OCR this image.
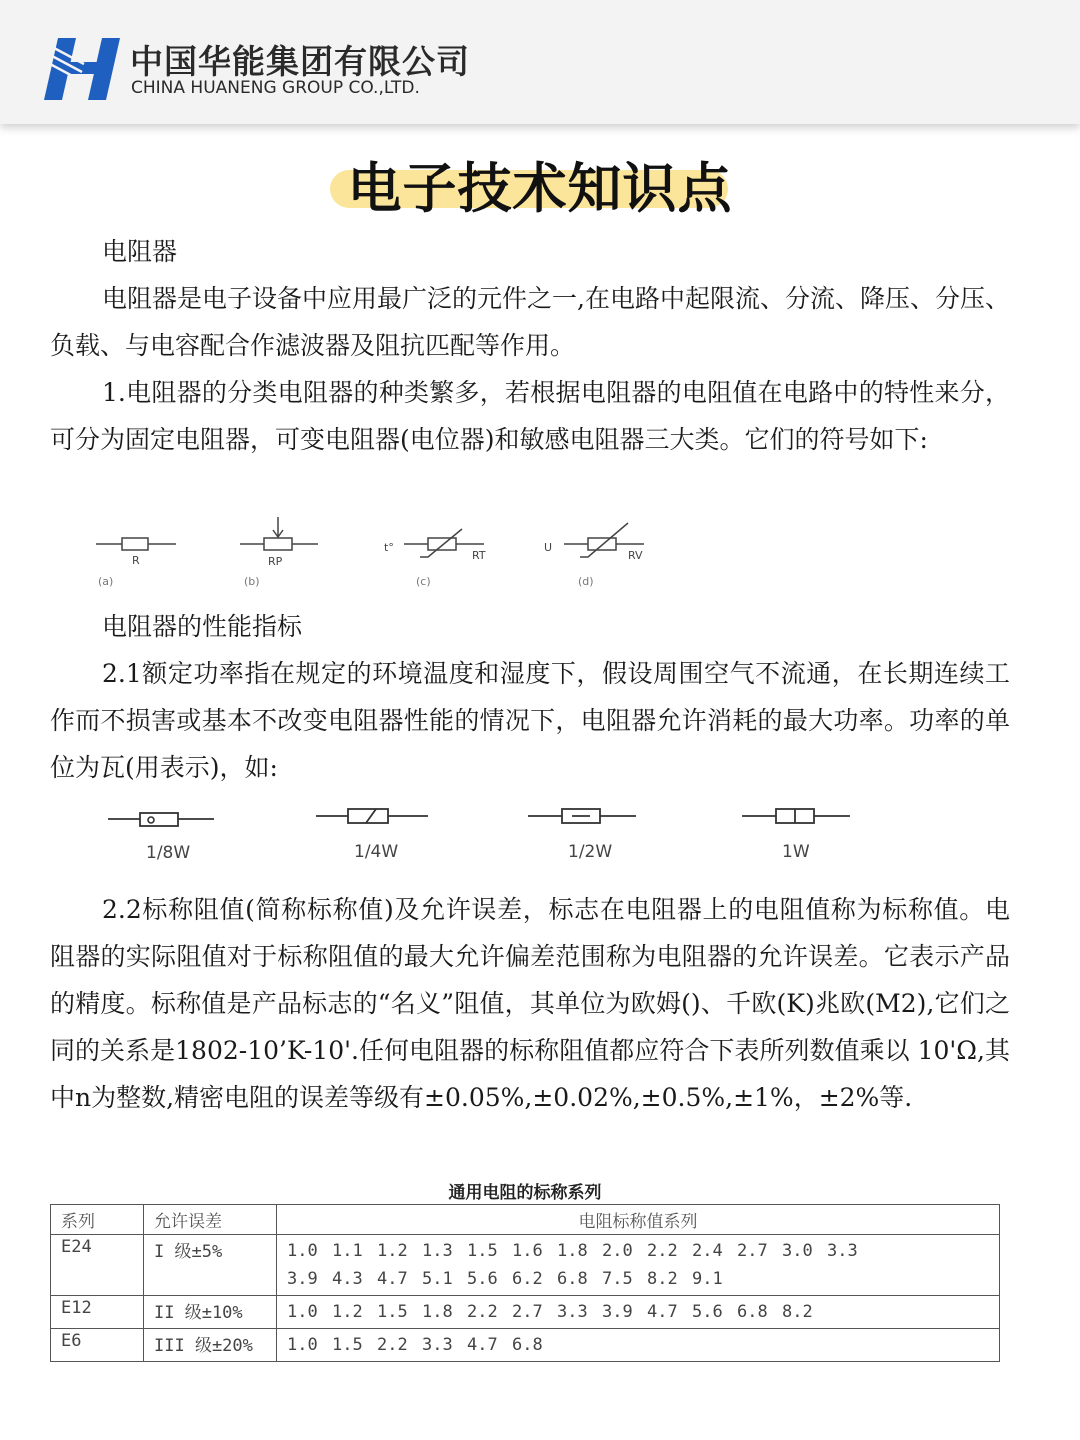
中国华能集团有限公司
CHINA HUANENG GROUP CO.,LTD.
电子技术知识点
电阻器
电阻器是电子设备中应用最广泛的元件之一,在电路中起限流、分流、降压、分压、负载、与电容配合作滤波器及阻抗匹配等作用。
1.电阻器的分类电阻器的种类繁多，若根据电阻器的电阻值在电路中的特性来分，可分为固定电阻器，可变电阻器(电位器)和敏感电阻器三大类。它们的符号如下:
R
(a)
RP
(b)
t°
RT
(c)
U
RV
(d)
电阻器的性能指标
2.1额定功率指在规定的环境温度和湿度下，假设周围空气不流通，在长期连续工作而不损害或基本不改变电阻器性能的情况下，电阻器允许消耗的最大功率。功率的单位为瓦(用表示)，如:
1/8W	1/4W	1/2W	1W
2.2标称阻值(简称标称值)及允许误差，标志在电阻器上的电阻值称为标称值。电阻器的实际阻值对于标称阻值的最大允许偏差范围称为电阻器的允许误差。它表示产品的精度。标称值是产品标志的“名义”阻值，其单位为欧姆()、千欧(K)兆欧(M2),它们之同的关系是1802-10’K-10'.任何电阻器的标称阻值都应符合下表所列数值乘以 10'Ω,其中n为整数,精密电阻的误差等级有±0.05%,±0.02%,±0.5%,±1%，±2%等.
通用电阻的标称系列
系列	允许误差	电阻标称值系列
E24	I 级±5%	1.0 1.1 1.2 1.3 1.5 1.6 1.8 2.0 2.2 2.4 2.7 3.0 3.3
3.9 4.3 4.7 5.1 5.6 6.2 6.8 7.5 8.2 9.1

E12	II 级±10%	1.0 1.2 1.5 1.8 2.2 2.7 3.3 3.9 4.7 5.6 6.8 8.2

E6	III 级±20%	1.0 1.5 2.2 3.3 4.7 6.8
